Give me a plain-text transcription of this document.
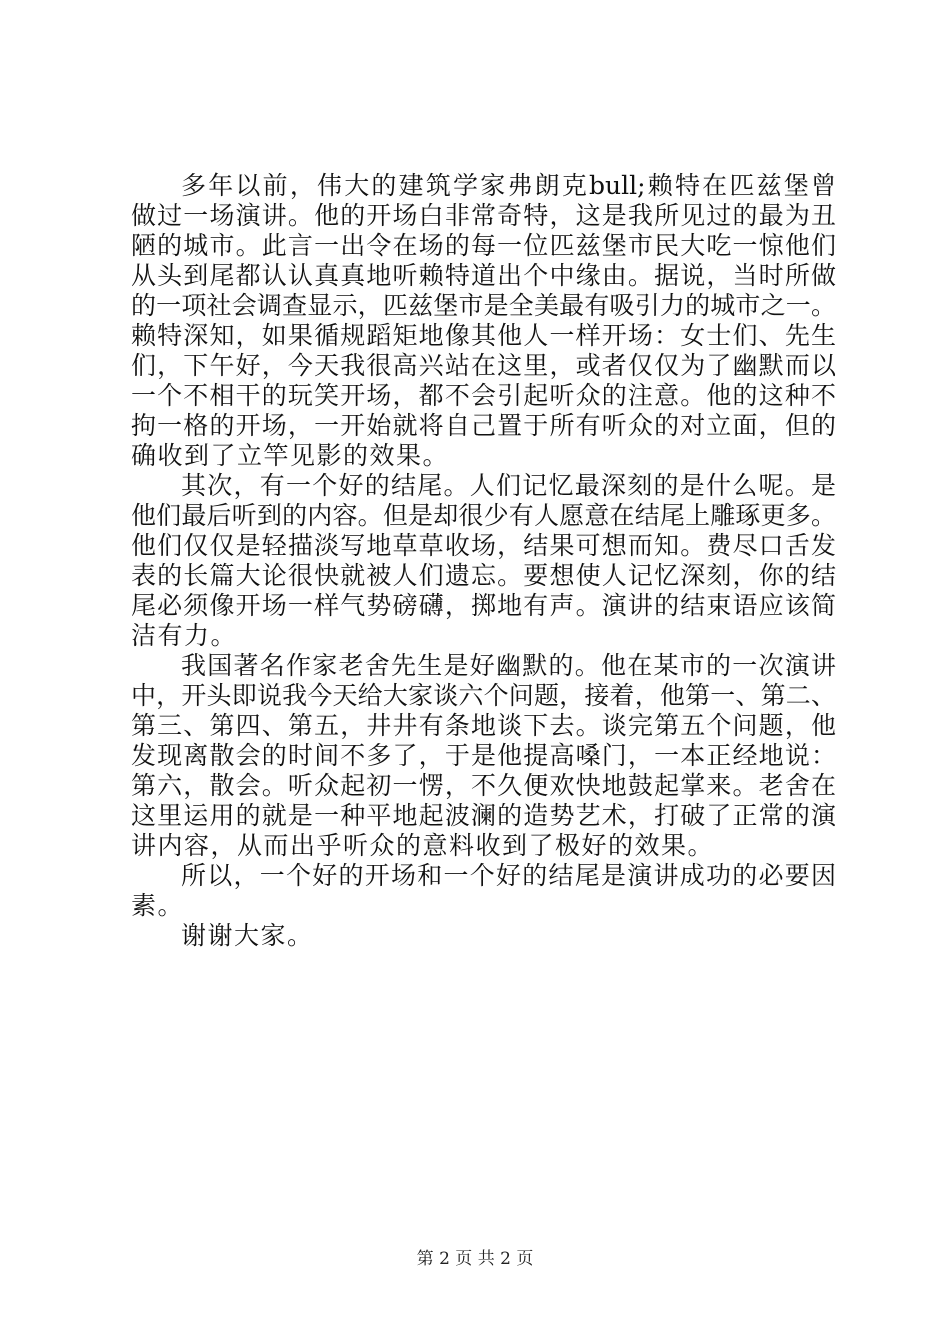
多年以前，伟大的建筑学家弗朗克bull;赖特在匹兹堡曾
做过一场演讲。他的开场白非常奇特，这是我所见过的最为丑
陋的城市。此言一出令在场的每一位匹兹堡市民大吃一惊他们
从头到尾都认认真真地听赖特道出个中缘由。据说，当时所做
的一项社会调查显示，匹兹堡市是全美最有吸引力的城市之一。
赖特深知，如果循规蹈矩地像其他人一样开场：女士们、先生
们，下午好，今天我很高兴站在这里，或者仅仅为了幽默而以
一个不相干的玩笑开场，都不会引起听众的注意。他的这种不
拘一格的开场，一开始就将自己置于所有听众的对立面，但的
确收到了立竿见影的效果。
其次，有一个好的结尾。人们记忆最深刻的是什么呢。是
他们最后听到的内容。但是却很少有人愿意在结尾上雕琢更多。
他们仅仅是轻描淡写地草草收场，结果可想而知。费尽口舌发
表的长篇大论很快就被人们遗忘。要想使人记忆深刻，你的结
尾必须像开场一样气势磅礴，掷地有声。演讲的结束语应该简
洁有力。
我国著名作家老舍先生是好幽默的。他在某市的一次演讲
中，开头即说我今天给大家谈六个问题，接着，他第一、第二、
第三、第四、第五，井井有条地谈下去。谈完第五个问题，他
发现离散会的时间不多了，于是他提高嗓门，一本正经地说：
第六，散会。听众起初一愣，不久便欢快地鼓起掌来。老舍在
这里运用的就是一种平地起波澜的造势艺术，打破了正常的演
讲内容，从而出乎听众的意料收到了极好的效果。
所以，一个好的开场和一个好的结尾是演讲成功的必要因
素。
谢谢大家。
第 2 页 共 2 页
